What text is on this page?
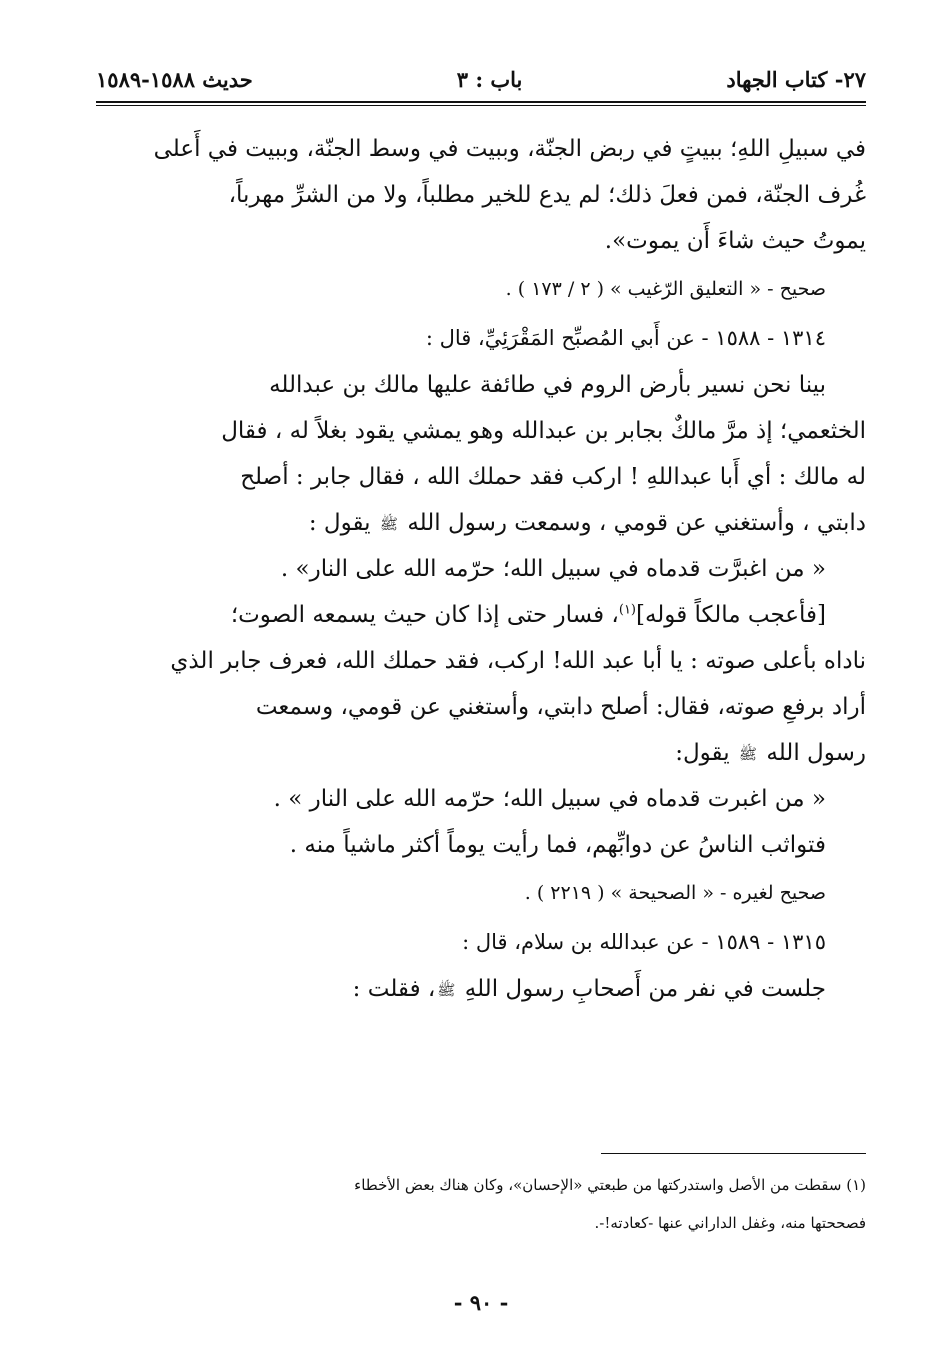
٢٧- كتاب الجهاد
باب : ٣
حديث ١٥٨٨-١٥٨٩

في سبيلِ اللهِ؛ ببيتٍ في ربض الجنّة، وببيت في وسط الجنّة، وببيت في أَعلى
غُرف الجنّة، فمن فعلَ ذلك؛ لم يدع للخير مطلباً، ولا من الشرِّ مهرباً،
يموتُ حيث شاءَ أَن يموت».

صحيح - « التعليق الرّغيب » ( ٢ / ١٧٣ ) .

١٣١٤ - ١٥٨٨ - عن أَبي المُصبِّح المَقْرَئِيِّ، قال :

بينا نحن نسير بأرض الروم في طائفة عليها مالك بن عبدالله
الخثعمي؛ إذ مرَّ مالكٌ بجابر بن عبدالله وهو يمشي يقود بغلاً له ، فقال
له مالك : أي أَبا عبداللهِ ! اركب فقد حملك الله ، فقال جابر : أصلح
دابتي ، وأستغني عن قومي ، وسمعت رسول الله ﷺ يقول :

« من اغبرَّت قدماه في سبيل الله؛ حرّمه الله على النار» .

[فأعجب مالكاً قوله]$^{(١)}$، فسار حتى إذا كان حيث يسمعه الصوت؛
ناداه بأعلى صوته : يا أبا عبد الله! اركب، فقد حملك الله، فعرف جابر الذي
أراد برفعِ صوته، فقال: أصلح دابتي، وأستغني عن قومي، وسمعت
رسول الله ﷺ يقول:

« من اغبرت قدماه في سبيل الله؛ حرّمه الله على النار » .

فتواثب الناسُ عن دوابِّهم، فما رأيت يوماً أكثر ماشياً منه .

صحيح لغيره - « الصحيحة » ( ٢٢١٩ ) .

١٣١٥ - ١٥٨٩ - عن عبدالله بن سلام، قال :

جلست في نفر من أَصحابِ رسول اللهِ ﷺ، فقلت :

(١) سقطت من الأصل واستدركتها من طبعتي «الإحسان»، وكان هناك بعض الأخطاء
فصححتها منه، وغفل الداراني عنها -كعادته!-.
- ٩٠ -
